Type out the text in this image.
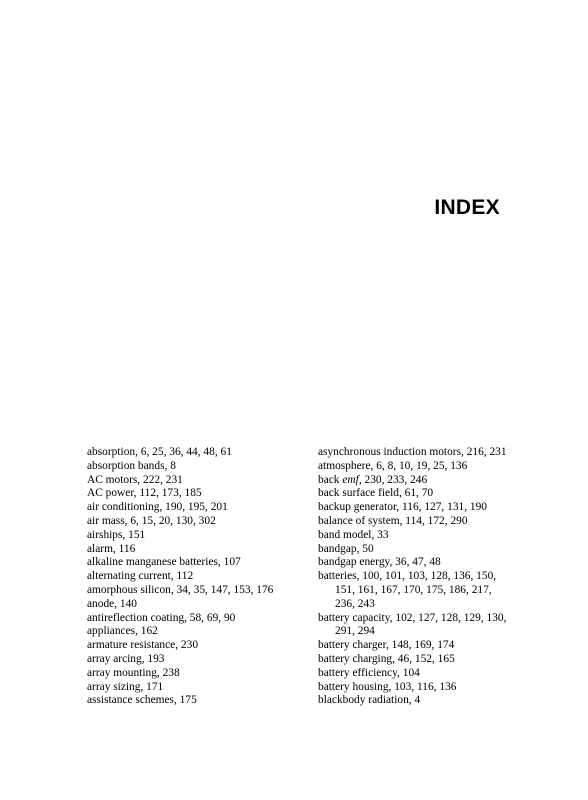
INDEX
absorption, 6, 25, 36, 44, 48, 61
absorption bands, 8
AC motors, 222, 231
AC power, 112, 173, 185
air conditioning, 190, 195, 201
air mass, 6, 15, 20, 130, 302
airships, 151
alarm, 116
alkaline manganese batteries, 107
alternating current, 112
amorphous silicon, 34, 35, 147, 153, 176
anode, 140
antireflection coating, 58, 69, 90
appliances, 162
armature resistance, 230
array arcing, 193
array mounting, 238
array sizing, 171
assistance schemes, 175
asynchronous induction motors, 216, 231
atmosphere, 6, 8, 10, 19, 25, 136
back emf, 230, 233, 246
back surface field, 61, 70
backup generator, 116, 127, 131, 190
balance of system, 114, 172, 290
band model, 33
bandgap, 50
bandgap energy, 36, 47, 48
batteries, 100, 101, 103, 128, 136, 150, 151, 161, 167, 170, 175, 186, 217, 236, 243
battery capacity, 102, 127, 128, 129, 130, 291, 294
battery charger, 148, 169, 174
battery charging, 46, 152, 165
battery efficiency, 104
battery housing, 103, 116, 136
blackbody radiation, 4
